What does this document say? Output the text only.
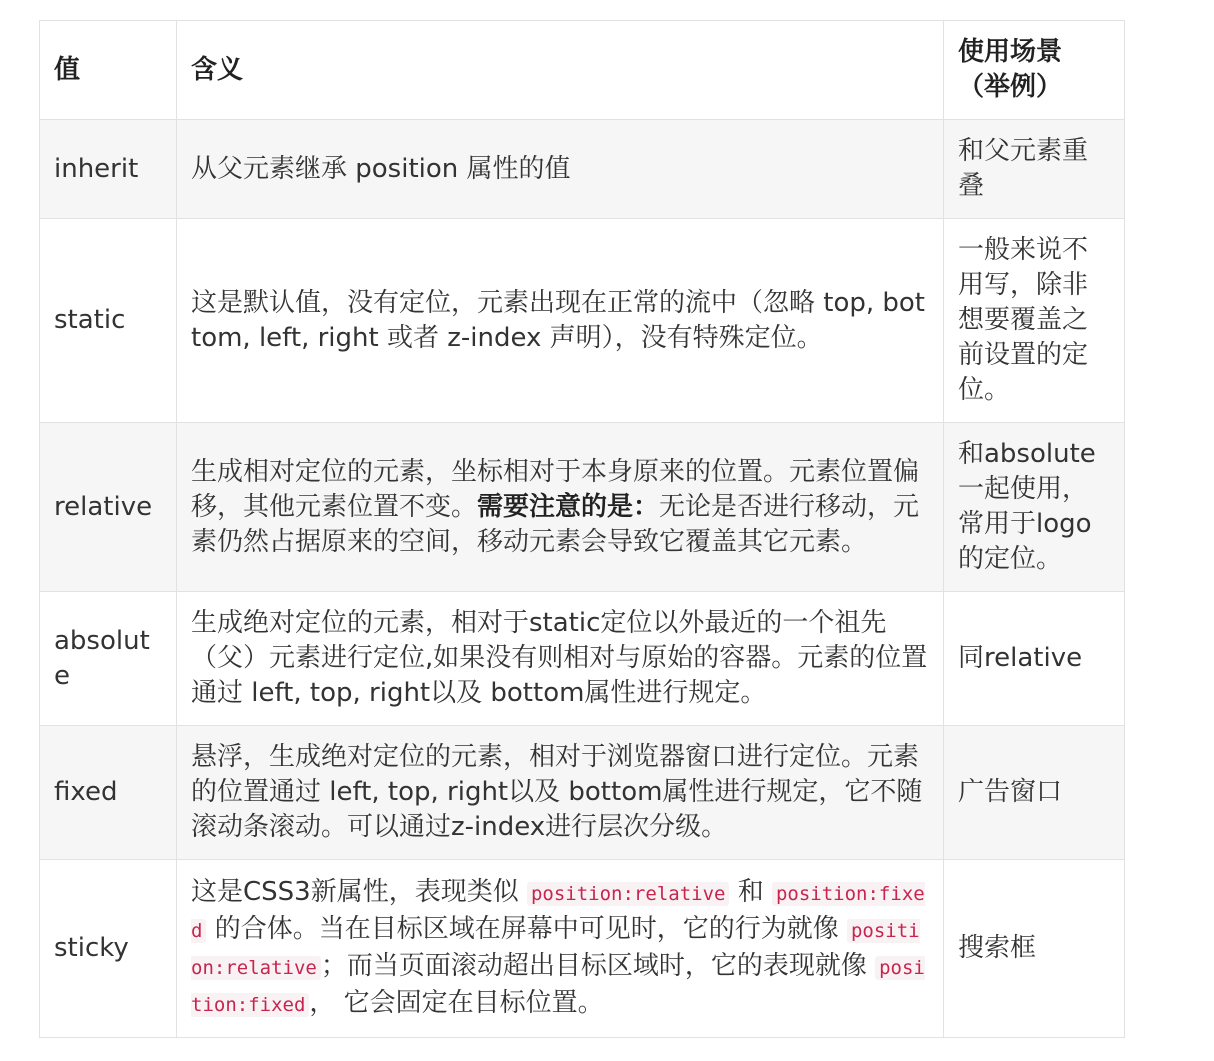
值	含义	使用场景（举例）
inherit	从父元素继承 position 属性的值	和父元素重叠
static	这是默认值，没有定位，元素出现在正常的流中（忽略 top, bottom, left, right 或者 z-index 声明），没有特殊定位。	一般来说不用写，除非想要覆盖之前设置的定位。
relative	生成相对定位的元素，坐标相对于本身原来的位置。元素位置偏移，其他元素位置不变。需要注意的是：无论是否进行移动，元素仍然占据原来的空间，移动元素会导致它覆盖其它元素。	和absolute一起使用，常用于logo的定位。
absolute	生成绝对定位的元素，相对于static定位以外最近的一个祖先（父）元素进行定位,如果没有则相对与原始的容器。元素的位置通过 left, top, right以及 bottom属性进行规定。	同relative
fixed	悬浮，生成绝对定位的元素，相对于浏览器窗口进行定位。元素的位置通过 left, top, right以及 bottom属性进行规定，它不随滚动条滚动。可以通过z-index进行层次分级。	广告窗口
sticky	这是CSS3新属性，表现类似 position:relative 和 position:fixed 的合体。当在目标区域在屏幕中可见时，它的行为就像 position:relative ；而当页面滚动超出目标区域时，它的表现就像 position:fixed ， 它会固定在目标位置。	搜索框
